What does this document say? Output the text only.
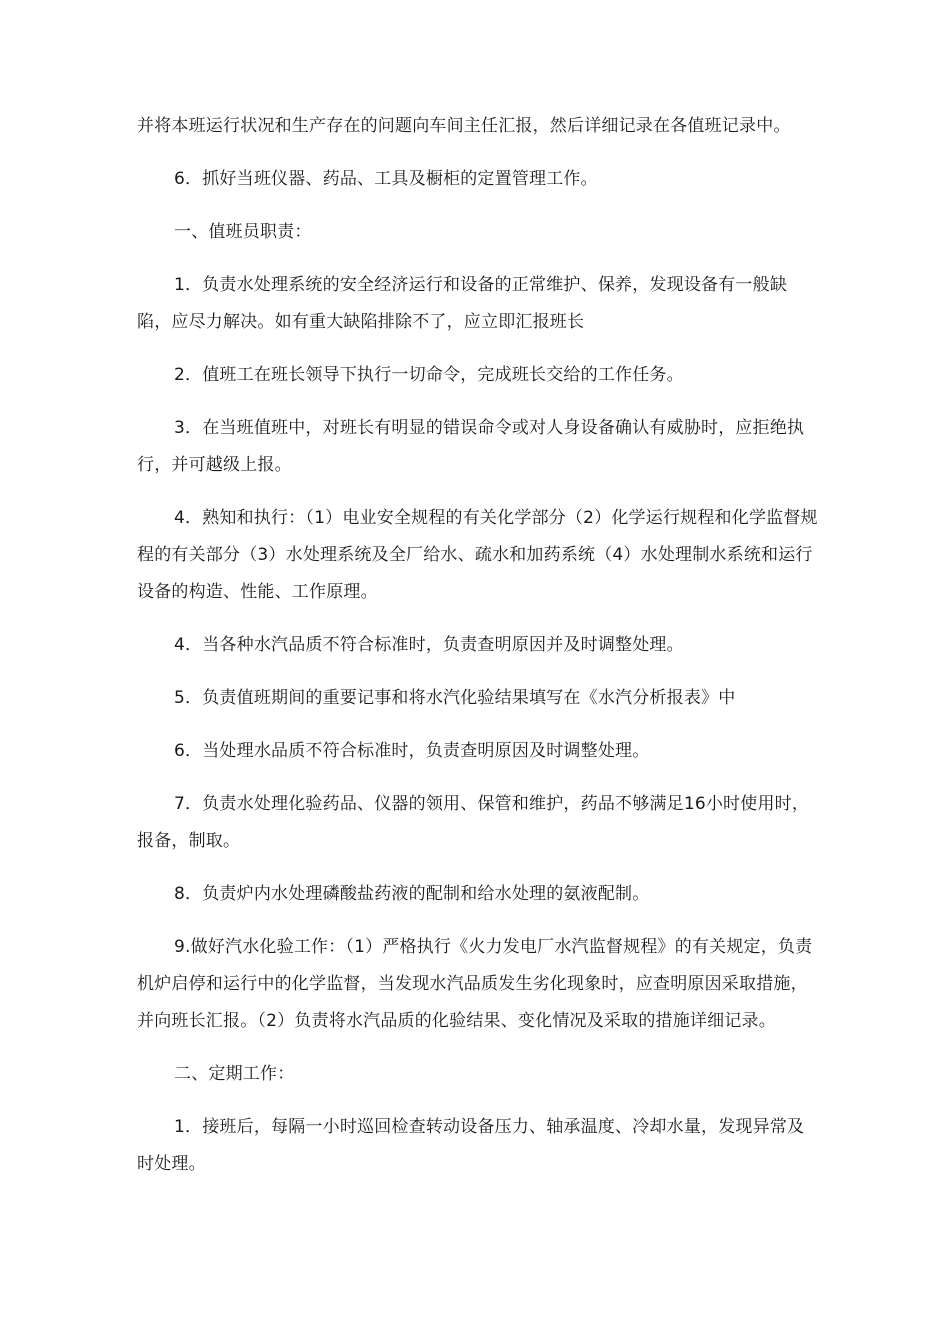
并将本班运行状况和生产存在的问题向车间主任汇报，然后详细记录在各值班记录中。

6．抓好当班仪器、药品、工具及橱柜的定置管理工作。

一、值班员职责：

1．负责水处理系统的安全经济运行和设备的正常维护、保养，发现设备有一般缺陷，应尽力解决。如有重大缺陷排除不了，应立即汇报班长

2．值班工在班长领导下执行一切命令，完成班长交给的工作任务。

3．在当班值班中，对班长有明显的错误命令或对人身设备确认有威胁时，应拒绝执行，并可越级上报。

4．熟知和执行：（1）电业安全规程的有关化学部分（2）化学运行规程和化学监督规程的有关部分（3）水处理系统及全厂给水、疏水和加药系统（4）水处理制水系统和运行设备的构造、性能、工作原理。

4．当各种水汽品质不符合标准时，负责查明原因并及时调整处理。

5．负责值班期间的重要记事和将水汽化验结果填写在《水汽分析报表》中

6．当处理水品质不符合标准时，负责查明原因及时调整处理。

7．负责水处理化验药品、仪器的领用、保管和维护，药品不够满足16小时使用时，报备，制取。

8．负责炉内水处理磷酸盐药液的配制和给水处理的氨液配制。

9.做好汽水化验工作：（1）严格执行《火力发电厂水汽监督规程》的有关规定，负责机炉启停和运行中的化学监督，当发现水汽品质发生劣化现象时，应查明原因采取措施，并向班长汇报。（2）负责将水汽品质的化验结果、变化情况及采取的措施详细记录。

二、定期工作：

1．接班后，每隔一小时巡回检查转动设备压力、轴承温度、冷却水量，发现异常及时处理。
